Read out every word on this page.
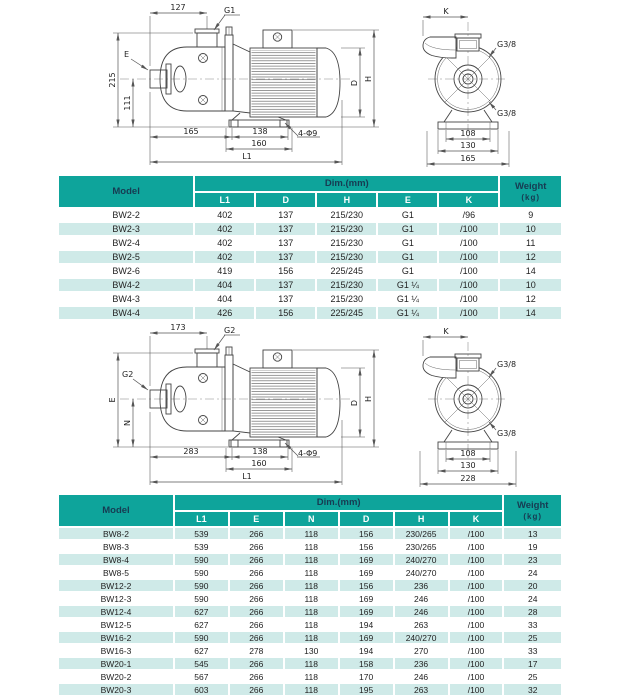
127	G1
E
215
111
D
H
4-Φ9
165	138
160
L1
K
G3/8
G3/8
108
130
165
Model	Dim.(mm)					Weight
(kg)
	L1	D	H	E	K	
BW2-2	402	137	215/230	G1	/96	9
BW2-3	402	137	215/230	G1	/100	10
BW2-4	402	137	215/230	G1	/100	11
BW2-5	402	137	215/230	G1	/100	12
BW2-6	419	156	225/245	G1	/100	14
BW4-2	404	137	215/230	G1 ¼	/100	10
BW4-3	404	137	215/230	G1 ¼	/100	12
BW4-4	426	156	225/245	G1 ¼	/100	14
173	G2
G2
E
N
D
H
4-Φ9
283	138
160
L1
K
G3/8
G3/8
108
130
228
Model	Dim.(mm)						Weight
(kg)
	L1	E	N	D	H	K	
BW8-2	539	266	118	156	230/265	/100	13
BW8-3	539	266	118	156	230/265	/100	19
BW8-4	590	266	118	169	240/270	/100	23
BW8-5	590	266	118	169	240/270	/100	24
BW12-2	590	266	118	156	236	/100	20
BW12-3	590	266	118	169	246	/100	24
BW12-4	627	266	118	169	246	/100	28
BW12-5	627	266	118	194	263	/100	33
BW16-2	590	266	118	169	240/270	/100	25
BW16-3	627	278	130	194	270	/100	33
BW20-1	545	266	118	158	236	/100	17
BW20-2	567	266	118	170	246	/100	25
BW20-3	603	266	118	195	263	/100	32
